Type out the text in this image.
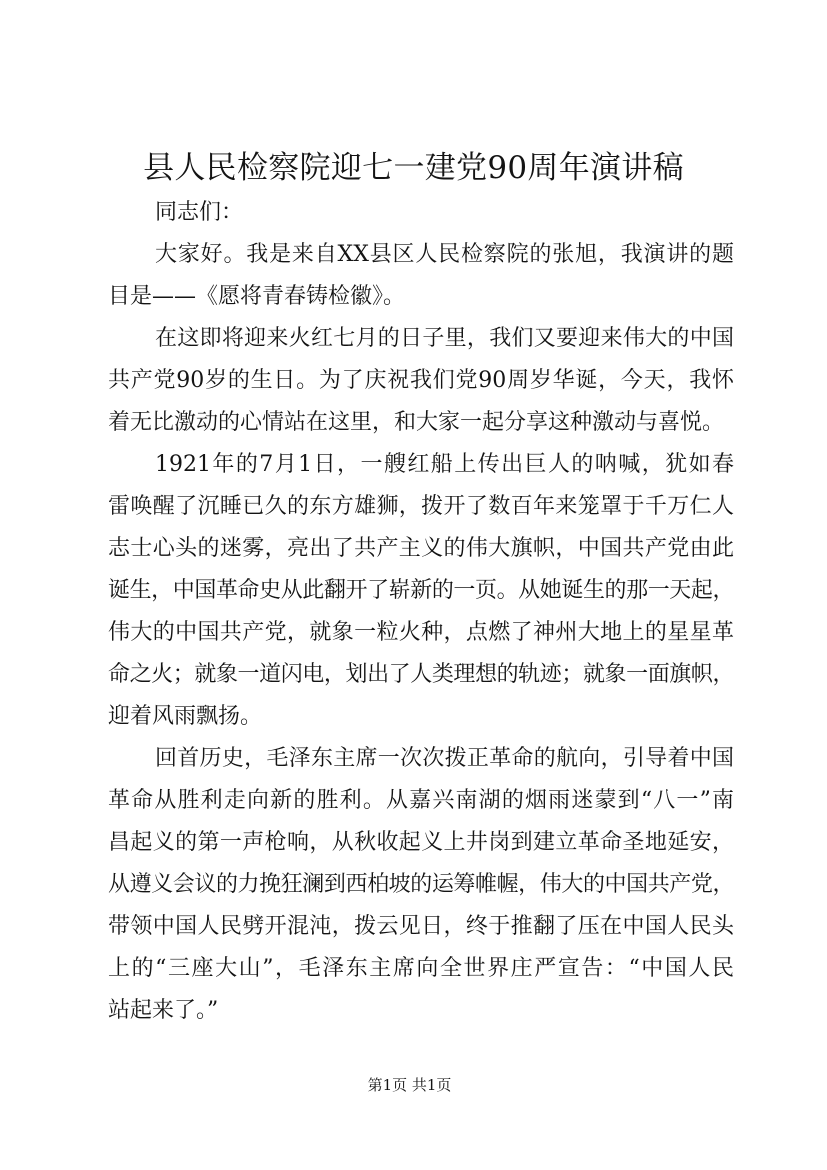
县人民检察院迎七一建党90周年演讲稿
同志们：
大家好。我是来自XX县区人民检察院的张旭，我演讲的题
目是——《愿将青春铸检徽》。
在这即将迎来火红七月的日子里，我们又要迎来伟大的中国
共产党90岁的生日。为了庆祝我们党90周岁华诞，今天，我怀
着无比激动的心情站在这里，和大家一起分享这种激动与喜悦。
1921年的7月1日，一艘红船上传出巨人的呐喊，犹如春
雷唤醒了沉睡已久的东方雄狮，拨开了数百年来笼罩于千万仁人
志士心头的迷雾，亮出了共产主义的伟大旗帜，中国共产党由此
诞生，中国革命史从此翻开了崭新的一页。从她诞生的那一天起，
伟大的中国共产党，就象一粒火种，点燃了神州大地上的星星革
命之火；就象一道闪电，划出了人类理想的轨迹；就象一面旗帜，
迎着风雨飘扬。
回首历史，毛泽东主席一次次拨正革命的航向，引导着中国
革命从胜利走向新的胜利。从嘉兴南湖的烟雨迷蒙到“八一”南
昌起义的第一声枪响，从秋收起义上井岗到建立革命圣地延安，
从遵义会议的力挽狂澜到西柏坡的运筹帷幄，伟大的中国共产党，
带领中国人民劈开混沌，拨云见日，终于推翻了压在中国人民头
上的“三座大山”，毛泽东主席向全世界庄严宣告：“中国人民
站起来了。”
第1页 共1页
